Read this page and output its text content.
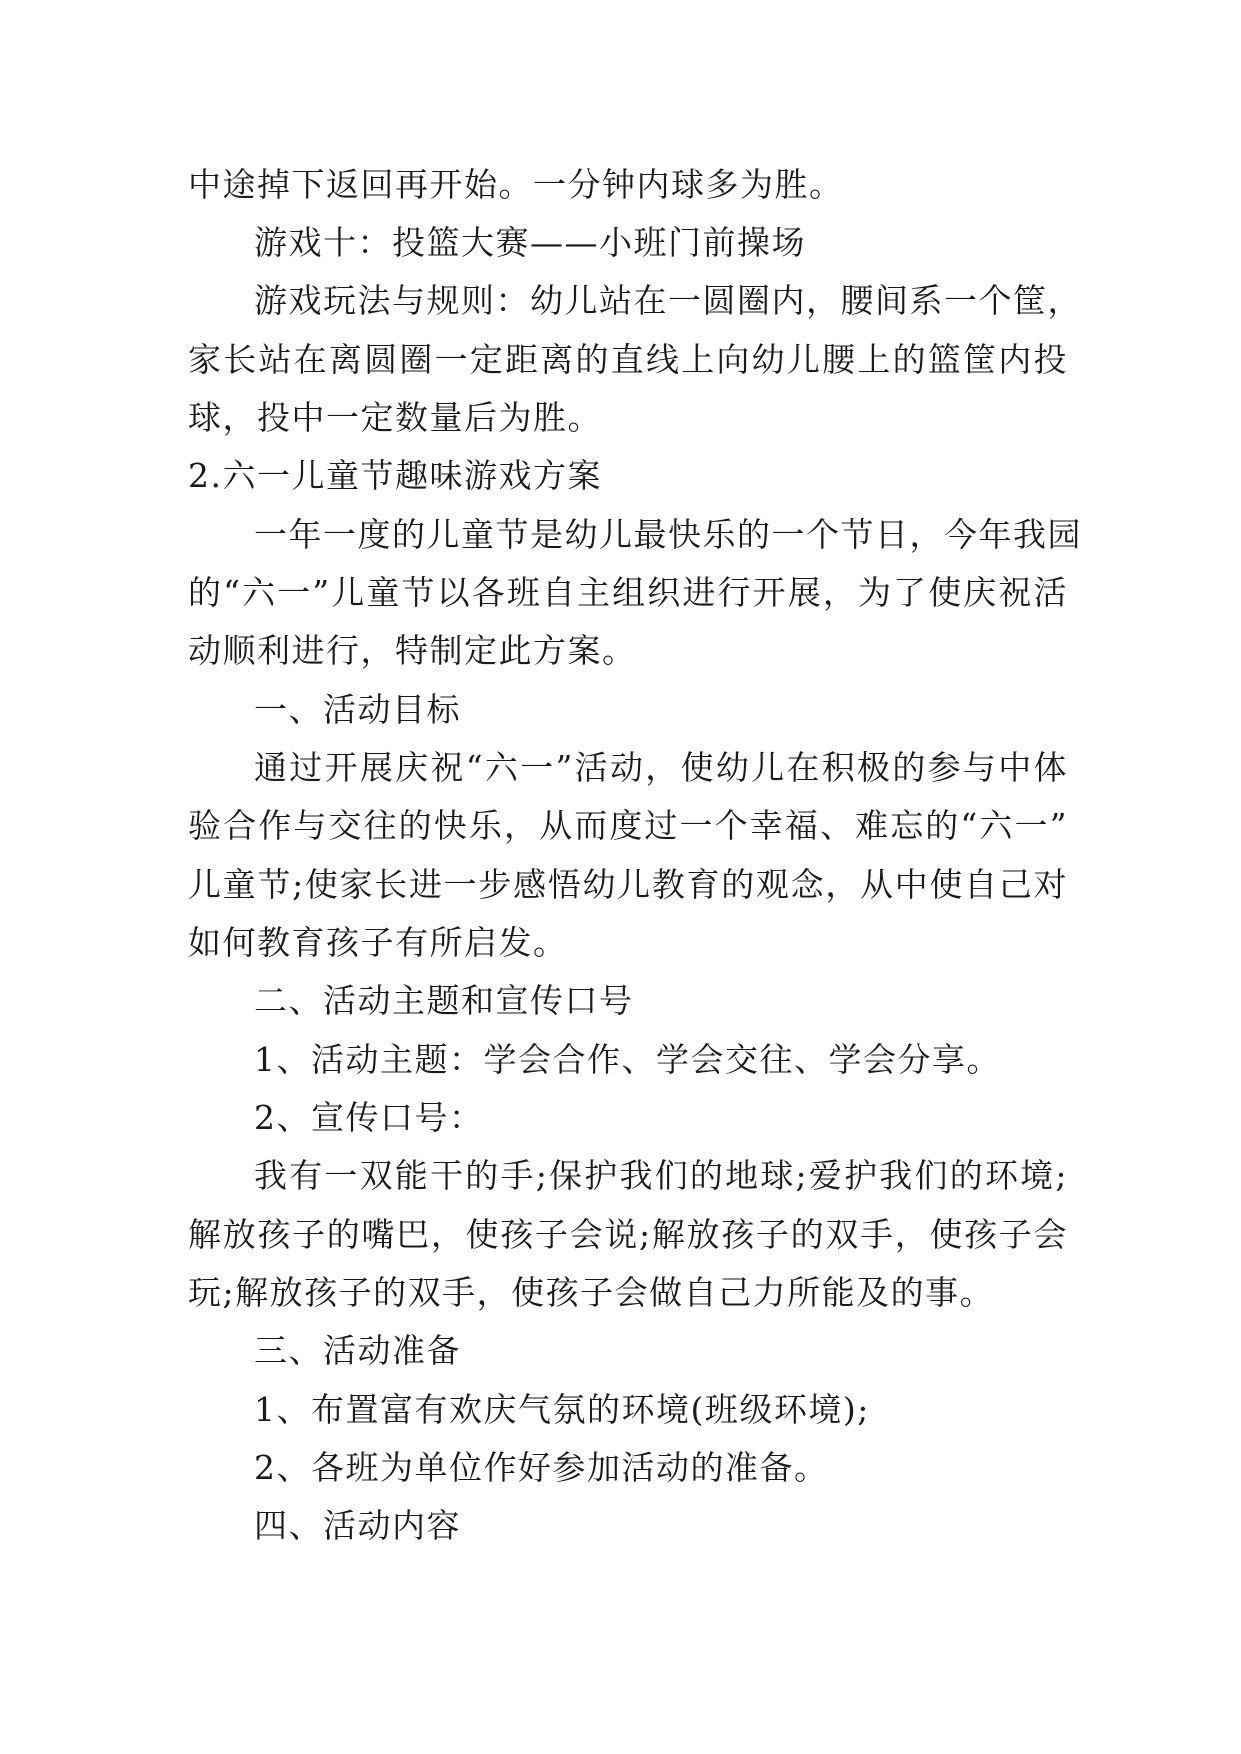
中途掉下返回再开始。一分钟内球多为胜。
游戏十：投篮大赛——小班门前操场
游戏玩法与规则：幼儿站在一圆圈内，腰间系一个筐，
家长站在离圆圈一定距离的直线上向幼儿腰上的篮筐内投
球，投中一定数量后为胜。
2.六一儿童节趣味游戏方案
一年一度的儿童节是幼儿最快乐的一个节日，今年我园
的“六一”儿童节以各班自主组织进行开展，为了使庆祝活
动顺利进行，特制定此方案。
一、活动目标
通过开展庆祝“六一”活动，使幼儿在积极的参与中体
验合作与交往的快乐，从而度过一个幸福、难忘的“六一”
儿童节;使家长进一步感悟幼儿教育的观念，从中使自己对
如何教育孩子有所启发。
二、活动主题和宣传口号
1、活动主题：学会合作、学会交往、学会分享。
2、宣传口号：
我有一双能干的手;保护我们的地球;爱护我们的环境;
解放孩子的嘴巴，使孩子会说;解放孩子的双手，使孩子会
玩;解放孩子的双手，使孩子会做自己力所能及的事。
三、活动准备
1、布置富有欢庆气氛的环境(班级环境);
2、各班为单位作好参加活动的准备。
四、活动内容
